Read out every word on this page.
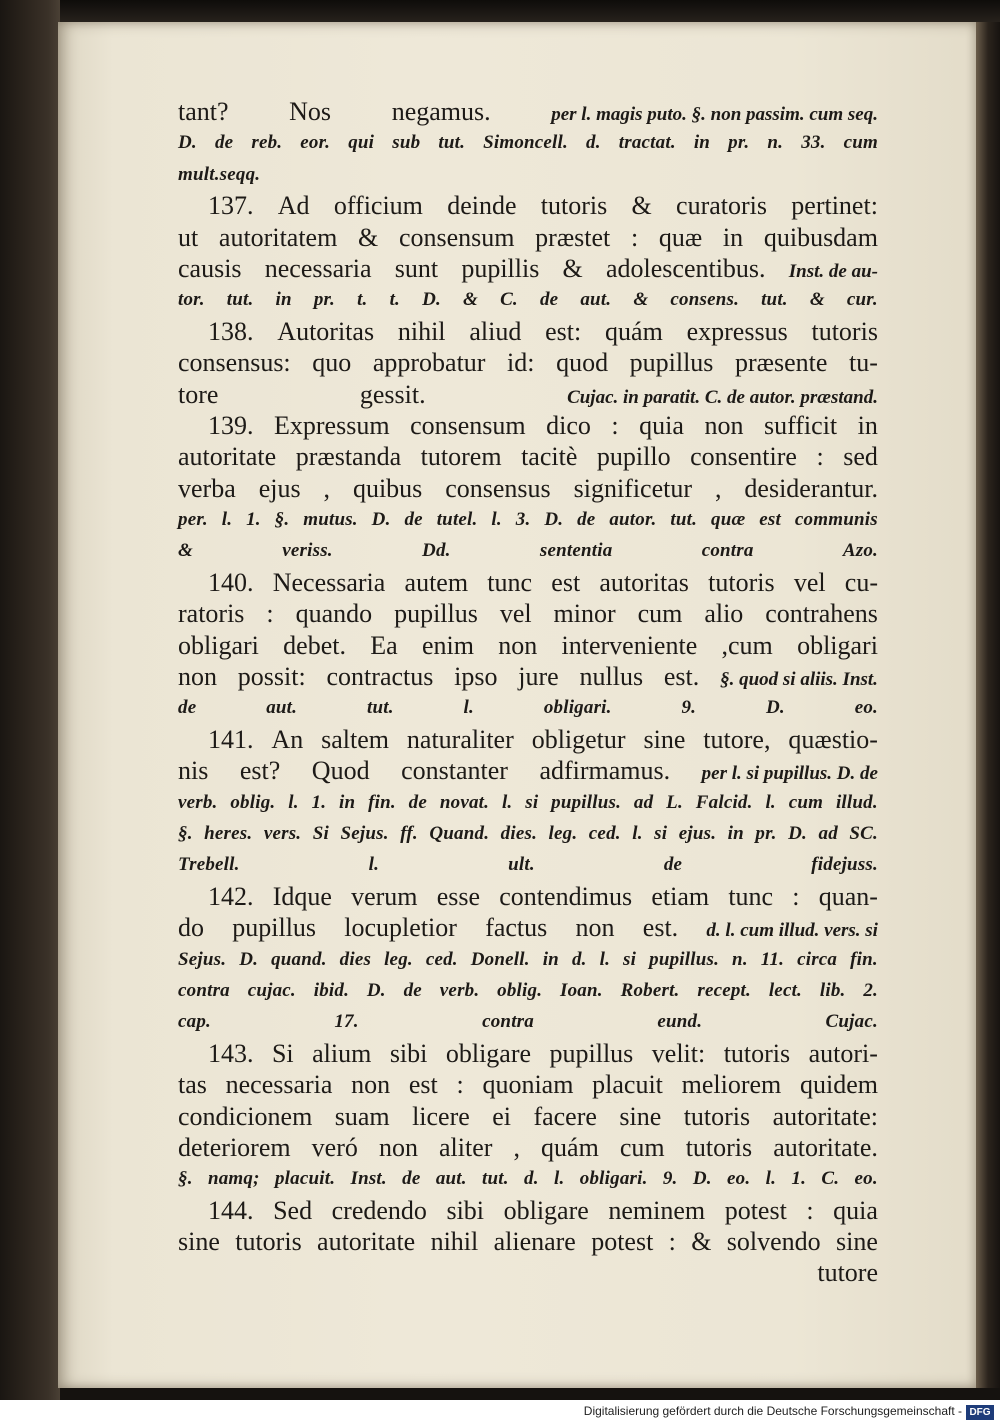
tant? Nos negamus.	per l. magis puto. §. non passim. cum seq.
D. de reb. eor. qui sub tut. Simoncell. d. tractat. in pr. n. 33. cum
mult. seqq.
137. Ad officium deinde tutoris & curatoris pertinet:
ut autoritatem & consensum præstet : quæ in quibusdam
causis necessaria sunt pupillis & adolescentibus. Inst. de au-
tor. tut. in pr. t. t. D. & C. de aut. & consens. tut. & cur.
138. Autoritas nihil aliud est: quám expressus tutoris
consensus: quo approbatur id: quod pupillus præsente tu-
tore	gessit.	Cujac. in paratit. C. de autor. præstand.
139. Expressum consensum dico : quia non sufficit in
autoritate præstanda tutorem tacitè pupillo consentire : sed
verba ejus , quibus consensus significetur , desiderantur.
per. l. 1. §. mutus. D. de tutel. l. 3. D. de autor. tut. quæ est communis
&	veriss.	Dd.	sententia	contra	Azo.
140. Necessaria autem tunc est autoritas tutoris vel cu-
ratoris : quando pupillus vel minor cum alio contrahens
obligari debet. Ea enim non interveniente ,cum obligari
non possit: contractus ipso jure nullus est. §. quod si aliis. Inst.
de	aut.	tut.	l.	obligari.	9.	D.	eo.
141. An saltem naturaliter obligetur sine tutore, quæstio-
nis est? Quod constanter adfirmamus. per l. si pupillus. D. de
verb. oblig. l. 1. in fin. de novat. l. si pupillus. ad L. Falcid. l. cum illud.
§. heres. vers. Si Sejus. ff. Quand. dies. leg. ced. l. si ejus. in pr. D. ad SC.
Trebell.	l.	ult.	de	fidejuss.
142. Idque verum esse contendimus etiam tunc : quan-
do pupillus locupletior factus non est. d. l. cum illud. vers. si
Sejus. D. quand. dies leg. ced. Donell. in d. l. si pupillus. n. 11. circa fin.
contra cujac. ibid. D. de verb. oblig. Ioan. Robert. recept. lect. lib. 2.
cap.	17.	contra	eund.	Cujac.
143. Si alium sibi obligare pupillus velit: tutoris autori-
tas necessaria non est : quoniam placuit meliorem quidem
condicionem suam licere ei facere sine tutoris autoritate:
deteriorem veró non aliter , quám cum tutoris autoritate.
§. namq; placuit. Inst. de aut. tut. d. l. obligari. 9. D. eo. l. 1. C. eo.
144. Sed credendo sibi obligare neminem potest : quia
sine tutoris autoritate nihil alienare potest : & solvendo sine
tutore
Digitalisierung gefördert durch die Deutsche Forschungsgemeinschaft - DFG
